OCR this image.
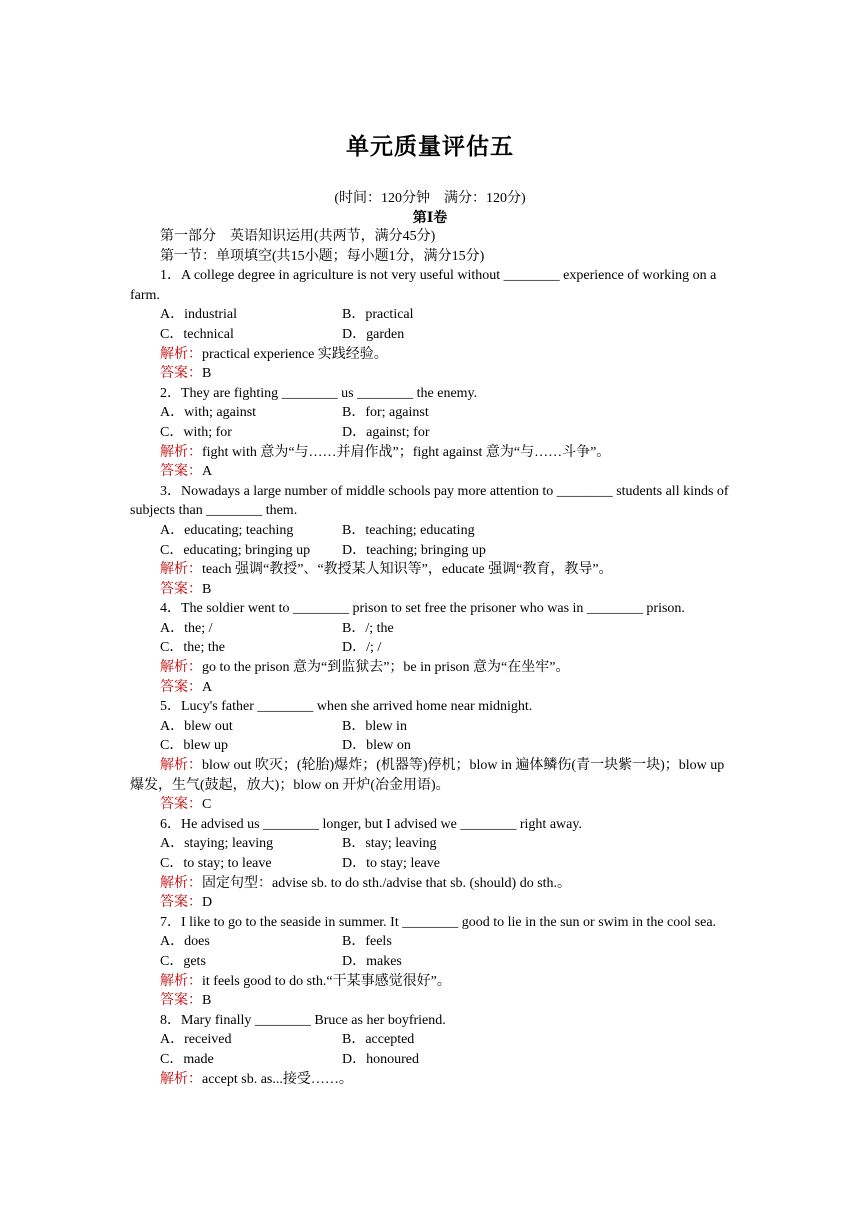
单元质量评估五
(时间：120分钟　满分：120分)
第Ⅰ卷
第一部分　英语知识运用(共两节，满分45分)
第一节：单项填空(共15小题；每小题1分，满分15分)
1．A college degree in agriculture is not very useful without ________ experience of working on a farm.
A．industrial	B．practical
C．technical	D．garden
解析：practical experience 实践经验。
答案：B
2．They are fighting ________ us ________ the enemy.
A．with; against	B．for; against
C．with; for	D．against; for
解析：fight with 意为“与……并肩作战”；fight against 意为“与……斗争”。
答案：A
3．Nowadays a large number of middle schools pay more attention to ________ students all kinds of subjects than ________ them.
A．educating; teaching	B．teaching; educating
C．educating; bringing up D．teaching; bringing up
解析：teach 强调“教授”、“教授某人知识等”，educate 强调“教育，教导”。
答案：B
4．The soldier went to ________ prison to set free the prisoner who was in ________ prison.
A．the; /	B．/; the
C．the; the	D．/; /
解析：go to the prison 意为“到监狱去”；be in prison 意为“在坐牢”。
答案：A
5．Lucy's father ________ when she arrived home near midnight.
A．blew out	B．blew in
C．blew up	D．blew on
解析：blow out 吹灭；(轮胎)爆炸；(机器等)停机；blow in 遍体鳞伤(青一块紫一块)；blow up 爆发，生气(鼓起，放大)；blow on 开炉(冶金用语)。
答案：C
6．He advised us ________ longer, but I advised we ________ right away.
A．staying; leaving	B．stay; leaving
C．to stay; to leave	D．to stay; leave
解析：固定句型：advise sb. to do sth./advise that sb. (should) do sth.。
答案：D
7．I like to go to the seaside in summer. It ________ good to lie in the sun or swim in the cool sea.
A．does	B．feels
C．gets	D．makes
解析：it feels good to do sth.“干某事感觉很好”。
答案：B
8．Mary finally ________ Bruce as her boyfriend.
A．received	B．accepted
C．made	D．honoured
解析：accept sb. as...接受……。
